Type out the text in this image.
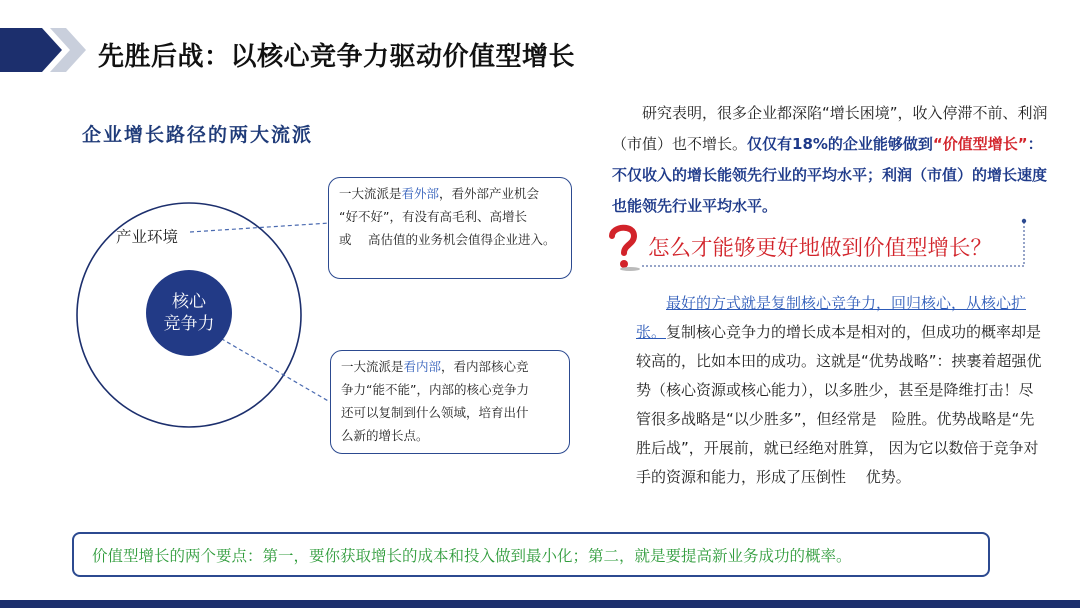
先胜后战：以核心竞争力驱动价值型增长
企业增长路径的两大流派
产业环境
核心
竞争力
一大流派是看外部，看外部产业机会
“好不好”，有没有高毛利、高增长
或　 高估值的业务机会值得企业进入。
一大流派是看内部，看内部核心竞
争力“能不能”，内部的核心竞争力
还可以复制到什么领域，培育出什
么新的增长点。
研究表明，很多企业都深陷“增长困境”，收入停滞不前、利润（市值）也不增长。仅仅有18%的企业能够做到“价值型增长”：不仅收入的增长能领先行业的平均水平；利润（市值）的增长速度也能领先行业平均水平。
怎么才能够更好地做到价值型增长？
最好的方式就是复制核心竞争力，回归核心，从核心扩张。复制核心竞争力的增长成本是相对的，但成功的概率却是较高的，比如本田的成功。这就是“优势战略”：挟裹着超强优势（核心资源或核心能力），以多胜少，甚至是降维打击！尽管很多战略是“以少胜多”，但经常是　险胜。优势战略是“先胜后战”，开展前，就已经绝对胜算， 因为它以数倍于竞争对手的资源和能力，形成了压倒性　 优势。
价值型增长的两个要点：第一，要你获取增长的成本和投入做到最小化；第二，就是要提高新业务成功的概率。
